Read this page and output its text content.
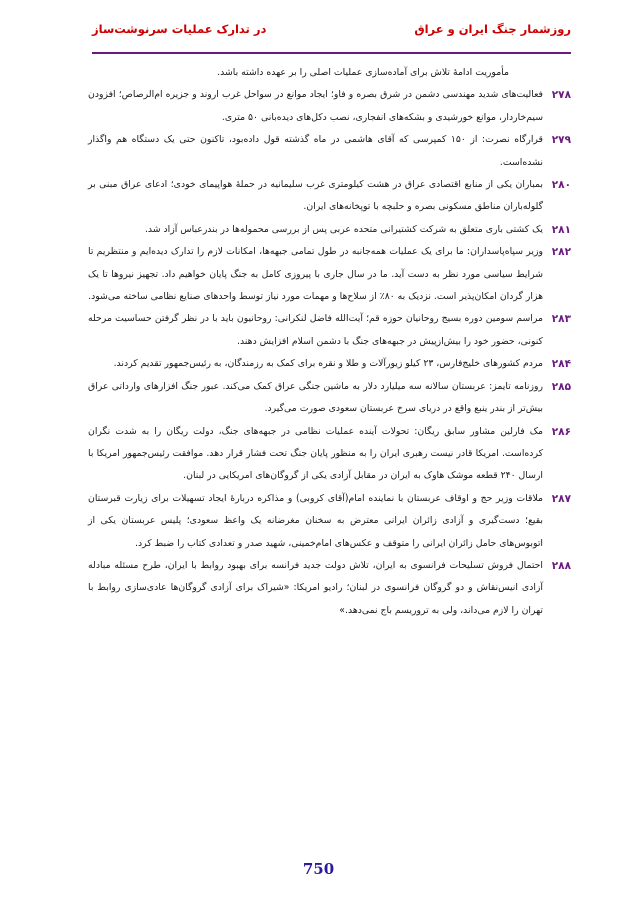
روزشمار جنگ ایران و عراق
در تدارک عملیات سرنوشت‌ساز

مأموریت ادامهٔ تلاش برای آماده‌سازی عملیات اصلی را بر عهده داشته باشد.

۲۷۸
فعالیت‌های شدید مهندسی دشمن در شرق بصره و فاو؛ ایجاد موانع در سواحل غرب اروند و جزیره ام‌الرصاص؛ افزودن سیم‌خاردار، موانع خورشیدی و بشکه‌های انفجاری، نصب دکل‌های دیده‌بانی ۵۰ متری.
۲۷۹
قرارگاه نصرت: از ۱۵۰ کمپرسی که آقای هاشمی در ماه گذشته قول داده‌بود، تاکنون حتی یک دستگاه هم واگذار نشده‌است.
۲۸۰
بمباران یکی از منابع اقتصادی عراق در هشت کیلومتری غرب سلیمانیه در حملهٔ هواپیمای خودی؛ ادعای عراق مبنی بر گلوله‌باران مناطق مسکونی بصره و حلبچه با توپخانه‌های ایران.
۲۸۱
یک کشتی باری متعلق به شرکت کشتیرانی متحده عربی پس از بررسی محموله‌ها در بندرعباس آزاد شد.
۲۸۲
وزیر سپاه‌پاسداران: ما برای یک عملیات همه‌جانبه در طول تمامی جبهه‌ها، امکانات لازم را تدارک دیده‌ایم و منتظریم تا شرایط سیاسی مورد نظر به دست آید. ما در سال جاری با پیروزی کامل به جنگ پایان خواهیم داد. تجهیز نیروها تا یک هزار گردان امکان‌پذیر است. نزدیک به ۸۰٪ از سلاح‌ها و مهمات مورد نیاز توسط واحدهای صنایع نظامی ساخته می‌شود.
۲۸۳
مراسم سومین دوره بسیج روحانیان حوزه قم؛ آیت‌الله فاضل لنکرانی: روحانیون باید با در نظر گرفتن حساسیت مرحله کنونی، حضور خود را بیش‌ازپیش در جبهه‌های جنگ با دشمن اسلام افزایش دهند.
۲۸۴
مردم کشورهای خلیج‌فارس، ۲۳ کیلو زیورآلات و طلا و نقره برای کمک به رزمندگان، به رئیس‌جمهور تقدیم کردند.
۲۸۵
روزنامه تایمز: عربستان سالانه سه میلیارد دلار به ماشین جنگی عراق کمک می‌کند. عبور جنگ افزارهای وارداتی عراق بیش‌تر از بندر ینبع واقع در دریای سرخ عربستان سعودی صورت می‌گیرد.
۲۸۶
مک فارلین مشاور سابق ریگان: تحولات آینده عملیات نظامی در جبهه‌های جنگ، دولت ریگان را به شدت نگران کرده‌است. امریکا قادر نیست رهبری ایران را به منظور پایان جنگ تحت فشار قرار دهد. موافقت رئیس‌جمهور امریکا با ارسال ۲۴۰ قطعه موشک هاوک به ایران در مقابل آزادی یکی از گروگان‌های امریکایی در لبنان.
۲۸۷
ملاقات وزیر حج و اوقاف عربستان با نماینده امام(آقای کروبی) و مذاکره دربارهٔ ایجاد تسهیلات برای زیارت قبرستان بقیع؛ دست‌گیری و آزادی زائران ایرانی معترض به سخنان مغرضانه یک واعظ سعودی؛ پلیس عربستان یکی از اتوبوس‌های حامل زائران ایرانی را متوقف و عکس‌های امام‌خمینی، شهید صدر و تعدادی کتاب را ضبط کرد.
۲۸۸
احتمال فروش تسلیحات فرانسوی به ایران، تلاش دولت جدید فرانسه برای بهبود روابط با ایران، طرح مسئله مبادله آزادی انیس‌نقاش و دو گروگان فرانسوی در لبنان؛ رادیو امریکا: «شیراک برای آزادی گروگان‌ها عادی‌سازی روابط با تهران را لازم می‌داند، ولی به تروریسم باج نمی‌دهد.»
750
